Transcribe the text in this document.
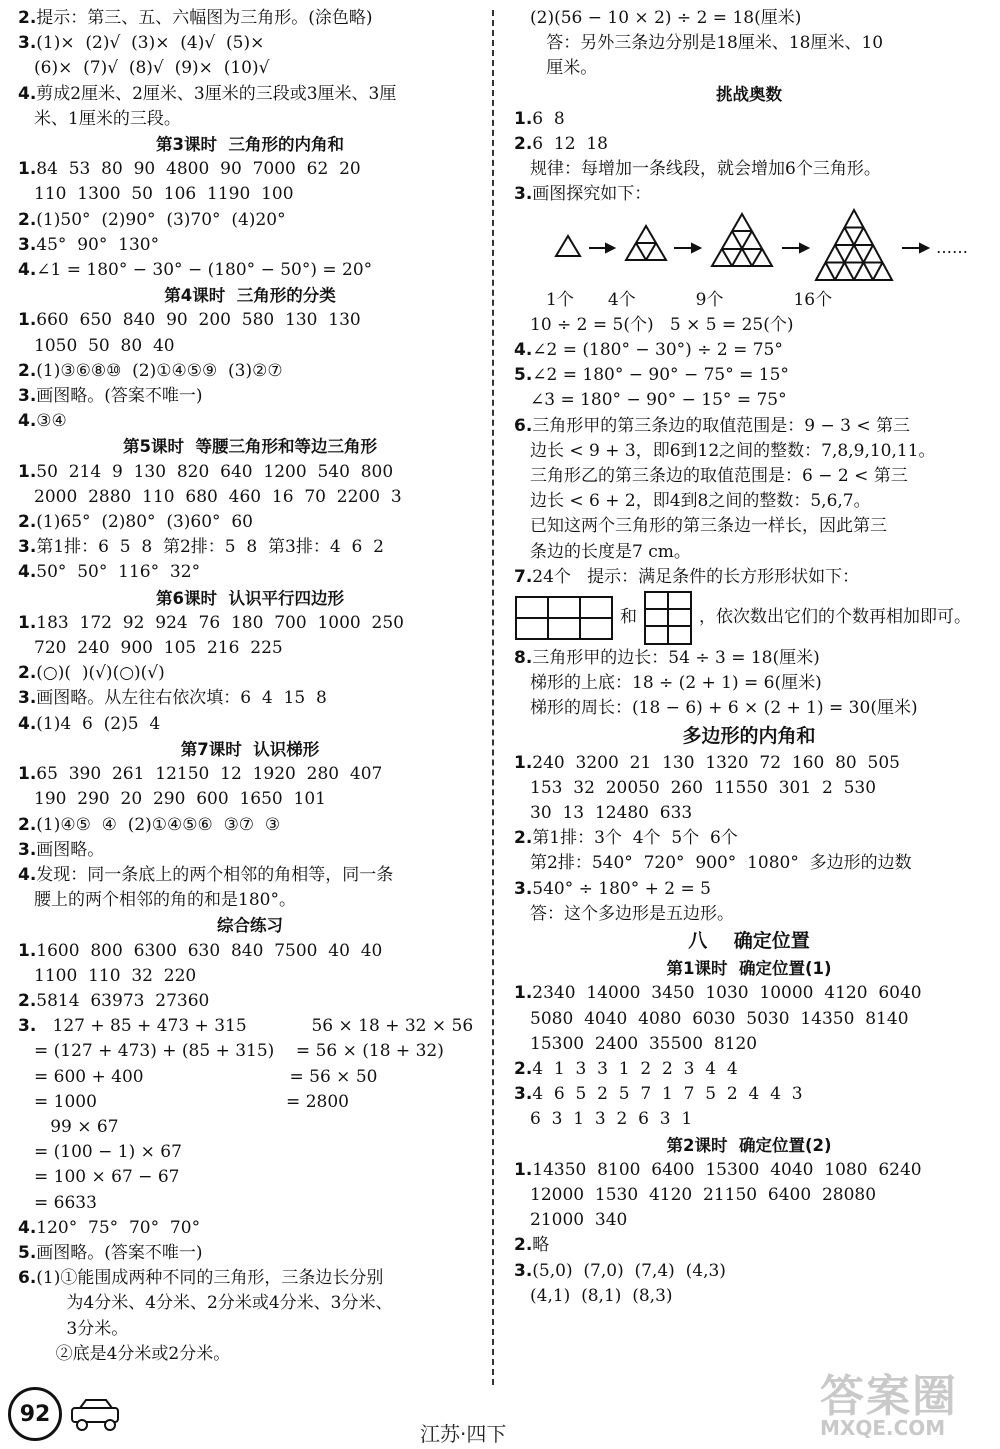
2.提示：第三、五、六幅图为三角形。(涂色略)
3.(1)×  (2)√  (3)×  (4)√  (5)×
(6)×  (7)√  (8)√  (9)×  (10)√
4.剪成2厘米、2厘米、3厘米的三段或3厘米、3厘
米、1厘米的三段。
第3课时  三角形的内角和
1.84  53  80  90  4800  90  7000  62  20
110  1300  50  106  1190  100
2.(1)50°  (2)90°  (3)70°  (4)20°
3.45°  90°  130°
4.∠1 = 180° − 30° − (180° − 50°) = 20°
第4课时  三角形的分类
1.660  650  840  90  200  580  130  130
1050  50  80  40
2.(1)③⑥⑧⑩  (2)①④⑤⑨  (3)②⑦
3.画图略。(答案不唯一)
4.③④
第5课时  等腰三角形和等边三角形
1.50  214  9  130  820  640  1200  540  800
2000  2880  110  680  460  16  70  2200  3
2.(1)65°  (2)80°  (3)60°  60
3.第1排：6  5  8  第2排：5  8  第3排：4  6  2
4.50°  50°  116°  32°
第6课时  认识平行四边形
1.183  172  92  924  76  180  700  1000  250
720  240  900  105  216  225
2.(○)(  )(√)(○)(√)
3.画图略。从左往右依次填：6  4  15  8
4.(1)4  6  (2)5  4
第7课时  认识梯形
1.65  390  261  12150  12  1920  280  407
190  290  20  290  600  1650  101
2.(1)④⑤  ④  (2)①④⑤⑥  ③⑦  ③
3.画图略。
4.发现：同一条底上的两个相邻的角相等，同一条
腰上的两个相邻的角的和是180°。
综合练习
1.1600  800  6300  630  840  7500  40  40
1100  110  32  220
2.5814  63973  27360
3.   127 + 85 + 473 + 315            56 × 18 + 32 × 56
= (127 + 473) + (85 + 315)    = 56 × (18 + 32)
= 600 + 400                           = 56 × 50
= 1000                                   = 2800
99 × 67
= (100 − 1) × 67
= 100 × 67 − 67
= 6633
4.120°  75°  70°  70°
5.画图略。(答案不唯一)
6.(1)①能围成两种不同的三角形，三条边长分别
为4分米、4分米、2分米或4分米、3分米、
3分米。
②底是4分米或2分米。
(2)(56 − 10 × 2) ÷ 2 = 18(厘米)
答：另外三条边分别是18厘米、18厘米、10
厘米。
挑战奥数
1.6  8
2.6  12  18
规律：每增加一条线段，就会增加6个三角形。
3.画图探究如下：
……
1个 4个	9个	16个
10 ÷ 2 = 5(个)   5 × 5 = 25(个)
4.∠2 = (180° − 30°) ÷ 2 = 75°
5.∠2 = 180° − 90° − 75° = 15°
∠3 = 180° − 90° − 15° = 75°
6.三角形甲的第三条边的取值范围是：9 − 3 < 第三
边长 < 9 + 3，即6到12之间的整数：7,8,9,10,11。
三角形乙的第三条边的取值范围是：6 − 2 < 第三
边长 < 6 + 2，即4到8之间的整数：5,6,7。
已知这两个三角形的第三条边一样长，因此第三
条边的长度是7 cm。
7.24个   提示：满足条件的长方形形状如下：
和	，依次数出它们的个数再相加即可。
8.三角形甲的边长：54 ÷ 3 = 18(厘米)
梯形的上底：18 ÷ (2 + 1) = 6(厘米)
梯形的周长：(18 − 6) + 6 × (2 + 1) = 30(厘米)
多边形的内角和
1.240  3200  21  130  1320  72  160  80  505
153  32  20050  260  11550  301  2  530
30  13  12480  633
2.第1排：3个  4个  5个  6个
第2排：540°  720°  900°  1080°  多边形的边数
3.540° ÷ 180° + 2 = 5
答：这个多边形是五边形。
八    确定位置
第1课时  确定位置(1)
1.2340  14000  3450  1030  10000  4120  6040
5080  4040  4080  6030  5030  14350  8140
15300  2400  35500  8120
2.4  1  3  3  1  2  2  3  4  4
3.4  6  5  2  5  7  1  7  5  2  4  4  3
6  3  1  3  2  6  3  1
第2课时  确定位置(2)
1.14350  8100  6400  15300  4040  1080  6240
12000  1530  4120  21150  6400  28080
21000  340
2.略
3.(5,0)  (7,0)  (7,4)  (4,3)
(4,1)  (8,1)  (8,3)
92
江苏·四下
答案圈
MXQE.COM
